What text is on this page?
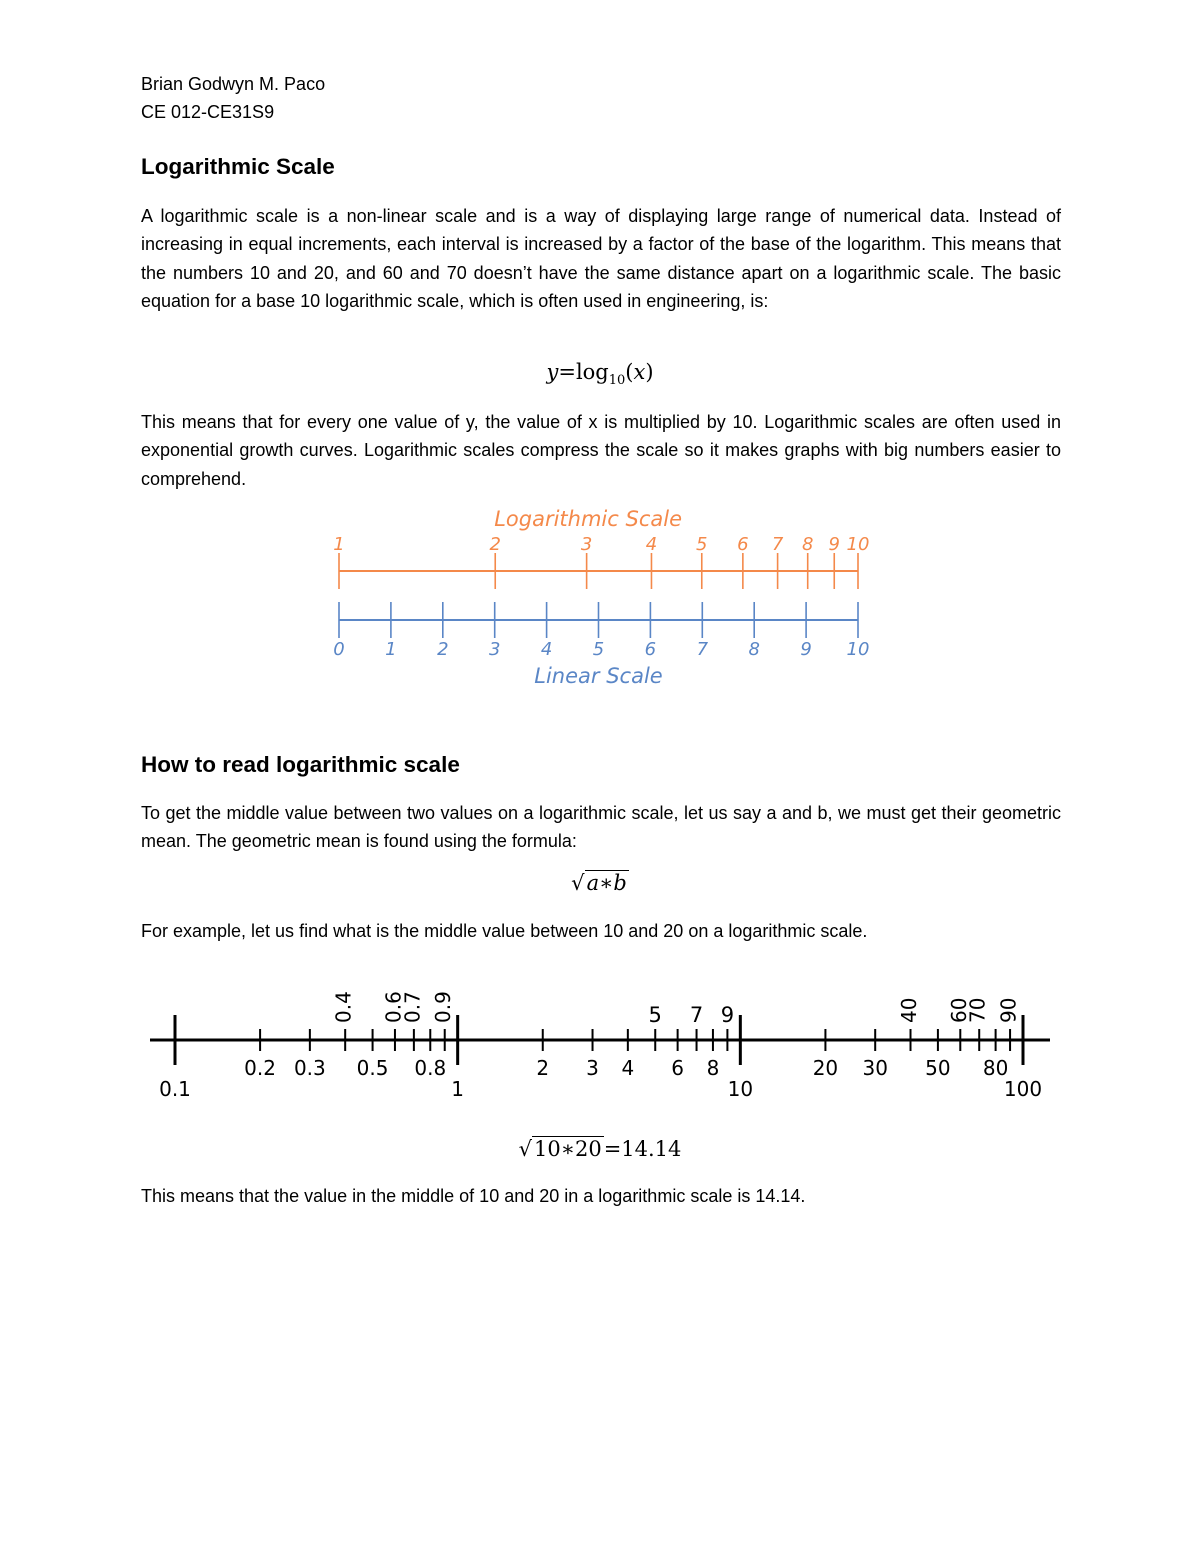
Brian Godwyn M. Paco
CE 012-CE31S9
Logarithmic Scale

A logarithmic scale is a non-linear scale and is a way of displaying large range of numerical data. Instead of increasing in equal increments, each interval is increased by a factor of the base of the logarithm. This means that the numbers 10 and 20, and 60 and 70 doesn’t have the same distance apart on a logarithmic scale. The basic equation for a base 10 logarithmic scale, which is often used in engineering, is:

$y=\log_{10}(x)$

This means that for every one value of y, the value of x is multiplied by 10. Logarithmic scales are often used in exponential growth curves. Logarithmic scales compress the scale so it makes graphs with big numbers easier to comprehend.

Logarithmic Scale
1	2	3	4 5 6 7 8 9 10
0 1 2 3 4 5 6 7 8 9 10
Linear Scale
How to read logarithmic scale

To get the middle value between two values on a logarithmic scale, let us say a and b, we must get their geometric mean. The geometric mean is found using the formula:

√a∗b

For example, let us find what is the middle value between 10 and 20 on a logarithmic scale.

0.1	1	10	100
0.2 0.3 0.5 0.8	2 3 4 6 8	20 30 50 80
5 7 9
0.4 0.6
0.7 0.9	40 60
70 90
√10∗20=14.14

This means that the value in the middle of 10 and 20 in a logarithmic scale is 14.14.
